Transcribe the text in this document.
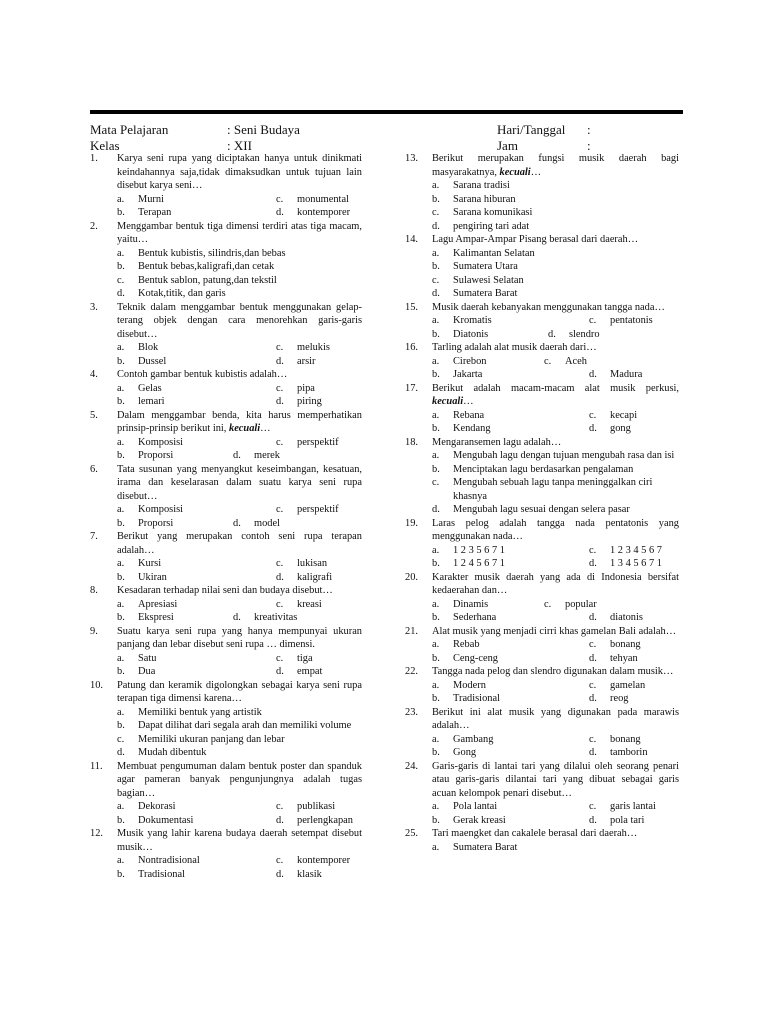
Mata Pelajaran	: Seni Budaya
Kelas	: XII
Hari/Tanggal	:
Jam	:
1.	Karya seni rupa yang diciptakan hanya untuk dinikmati keindahannya saja,tidak dimaksudkan untuk tujuan lain disebut karya seni…
a.	Murni	c.	monumental
b.	Terapan	d.	kontemporer
2.	Menggambar bentuk tiga dimensi terdiri atas tiga macam, yaitu…
a.	Bentuk kubistis, silindris,dan bebas
b.	Bentuk bebas,kaligrafi,dan cetak
c.	Bentuk sablon, patung,dan tekstil
d.	Kotak,titik, dan garis
3.	Teknik dalam menggambar bentuk menggunakan gelap-terang objek dengan cara menorehkan garis-garis disebut…
a.	Blok	c.	melukis
b.	Dussel	d.	arsir
4.	Contoh gambar bentuk kubistis adalah…
a.	Gelas	c.	pipa
b.	lemari	d.	piring
5.	Dalam menggambar benda, kita harus memperhatikan prinsip-prinsip berikut ini, kecuali…
a.	Komposisi	c.	perspektif
b.	Proporsi	d.	merek
6.	Tata susunan yang menyangkut keseimbangan, kesatuan, irama dan keselarasan dalam suatu karya seni rupa disebut…
a.	Komposisi	c.	perspektif
b.	Proporsi	d.	model
7.	Berikut yang merupakan contoh seni rupa terapan adalah…
a.	Kursi	c.	lukisan
b.	Ukiran	d.	kaligrafi
8.	Kesadaran terhadap nilai seni dan budaya disebut…
a.	Apresiasi	c.	kreasi
b.	Ekspresi	d.	kreativitas
9.	Suatu karya seni rupa yang hanya mempunyai ukuran panjang dan lebar disebut seni rupa … dimensi.
a.	Satu	c.	tiga
b.	Dua	d.	empat
10.	Patung dan keramik digolongkan sebagai karya seni rupa terapan tiga dimensi karena…
a.	Memiliki bentuk yang artistik
b.	Dapat dilihat dari segala arah dan memiliki volume
c.	Memiliki ukuran panjang dan lebar
d.	Mudah dibentuk
11.	Membuat pengumuman dalam bentuk poster dan spanduk agar pameran banyak pengunjungnya adalah tugas bagian…
a.	Dekorasi	c.	publikasi
b.	Dokumentasi	d.	perlengkapan
12.	Musik yang lahir karena budaya daerah setempat disebut musik…
a.	Nontradisional	c.	kontemporer
b.	Tradisional	d.	klasik
13.	Berikut merupakan fungsi musik daerah bagi masyarakatnya, kecuali…
a.	Sarana tradisi
b.	Sarana hiburan
c.	Sarana komunikasi
d.	pengiring tari adat
14.	Lagu Ampar-Ampar Pisang berasal dari daerah…
a.	Kalimantan Selatan
b.	Sumatera Utara
c.	Sulawesi Selatan
d.	Sumatera Barat
15.	Musik daerah kebanyakan menggunakan tangga nada…
a.	Kromatis	c.	pentatonis
b.	Diatonis	d.	slendro
16.	Tarling adalah alat musik daerah dari…
a.	Cirebon	c.	Aceh
b.	Jakarta	d.	Madura
17.	Berikut adalah macam-macam alat musik perkusi, kecuali…
a.	Rebana	c.	kecapi
b.	Kendang	d.	gong
18.	Mengaransemen lagu adalah…
a.	Mengubah lagu dengan tujuan mengubah rasa dan isi
b.	Menciptakan lagu berdasarkan pengalaman
c.	Mengubah sebuah lagu tanpa meninggalkan ciri khasnya
d.	Mengubah lagu sesuai dengan selera pasar
19.	Laras pelog adalah tangga nada pentatonis yang menggunakan nada…
a.	1 2 3 5 6 7 1	c.	1 2 3 4 5 6 7
b.	1 2 4 5 6 7 1	d.	1 3 4 5 6 7 1
20.	Karakter musik daerah yang ada di Indonesia bersifat kedaerahan dan…
a.	Dinamis	c.	popular
b.	Sederhana	d.	diatonis
21.	Alat musik yang menjadi cirri khas gamelan Bali adalah…
a.	Rebab	c.	bonang
b.	Ceng-ceng	d.	tehyan
22.	Tangga nada pelog dan slendro digunakan dalam musik…
a.	Modern	c.	gamelan
b.	Tradisional	d.	reog
23.	Berikut ini alat musik yang digunakan pada marawis adalah…
a.	Gambang	c.	bonang
b.	Gong	d.	tamborin
24.	Garis-garis di lantai tari yang dilalui oleh seorang penari atau garis-garis dilantai tari yang dibuat sebagai garis acuan kelompok penari disebut…
a.	Pola lantai	c.	garis lantai
b.	Gerak kreasi	d.	pola tari
25.	Tari maengket dan cakalele berasal dari daerah…
a.	Sumatera Barat
